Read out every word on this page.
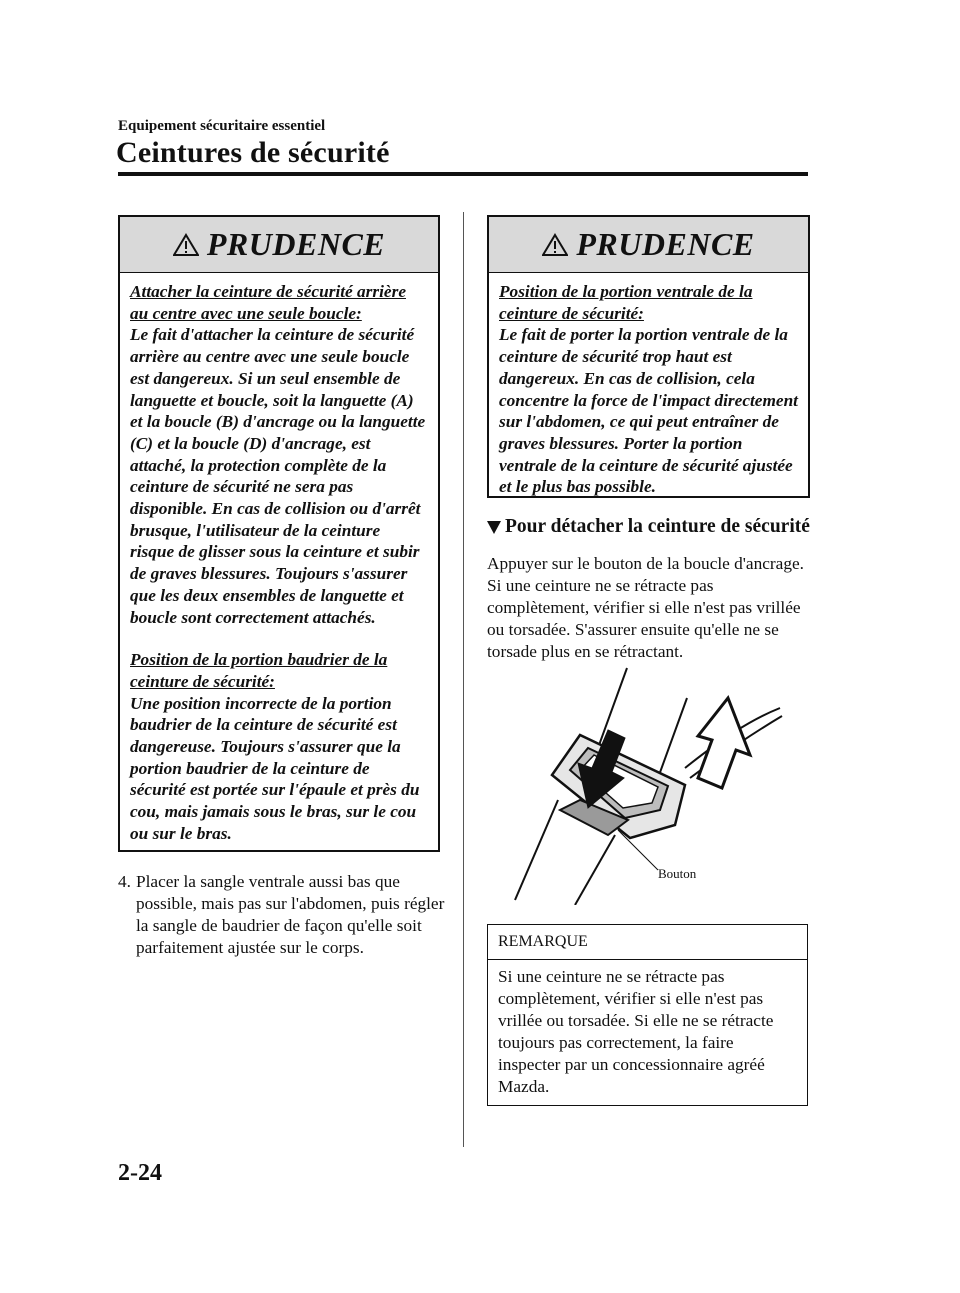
Equipement sécuritaire essentiel
Ceintures de sécurité
PRUDENCE
Attacher la ceinture de sécurité arrière au centre avec une seule boucle:

Le fait d'attacher la ceinture de sécurité arrière au centre avec une seule boucle est dangereux. Si un seul ensemble de languette et boucle, soit la languette (A) et la boucle (B) d'ancrage ou la languette (C) et la boucle (D) d'ancrage, est attaché, la protection complète de la ceinture de sécurité ne sera pas disponible. En cas de collision ou d'arrêt brusque, l'utilisateur de la ceinture risque de glisser sous la ceinture et subir de graves blessures. Toujours s'assurer que les deux ensembles de languette et boucle sont correctement attachés.

Position de la portion baudrier de la ceinture de sécurité:

Une position incorrecte de la portion baudrier de la ceinture de sécurité est dangereuse. Toujours s'assurer que la portion baudrier de la ceinture de sécurité est portée sur l'épaule et près du cou, mais jamais sous le bras, sur le cou ou sur le bras.

4. Placer la sangle ventrale aussi bas que possible, mais pas sur l'abdomen, puis régler la sangle de baudrier de façon qu'elle soit parfaitement ajustée sur le corps.
PRUDENCE
Position de la portion ventrale de la ceinture de sécurité:

Le fait de porter la portion ventrale de la ceinture de sécurité trop haut est dangereux. En cas de collision, cela concentre la force de l'impact directement sur l'abdomen, ce qui peut entraîner de graves blessures. Porter la portion ventrale de la ceinture de sécurité ajustée et le plus bas possible.

Pour détacher la ceinture de sécurité
Appuyer sur le bouton de la boucle d'ancrage. Si une ceinture ne se rétracte pas complètement, vérifier si elle n'est pas vrillée ou torsadée. S'assurer ensuite qu'elle ne se torsade plus en se rétractant.
Bouton
REMARQUE
Si une ceinture ne se rétracte pas complètement, vérifier si elle n'est pas vrillée ou torsadée. Si elle ne se rétracte toujours pas correctement, la faire inspecter par un concessionnaire agréé Mazda.
2-24
